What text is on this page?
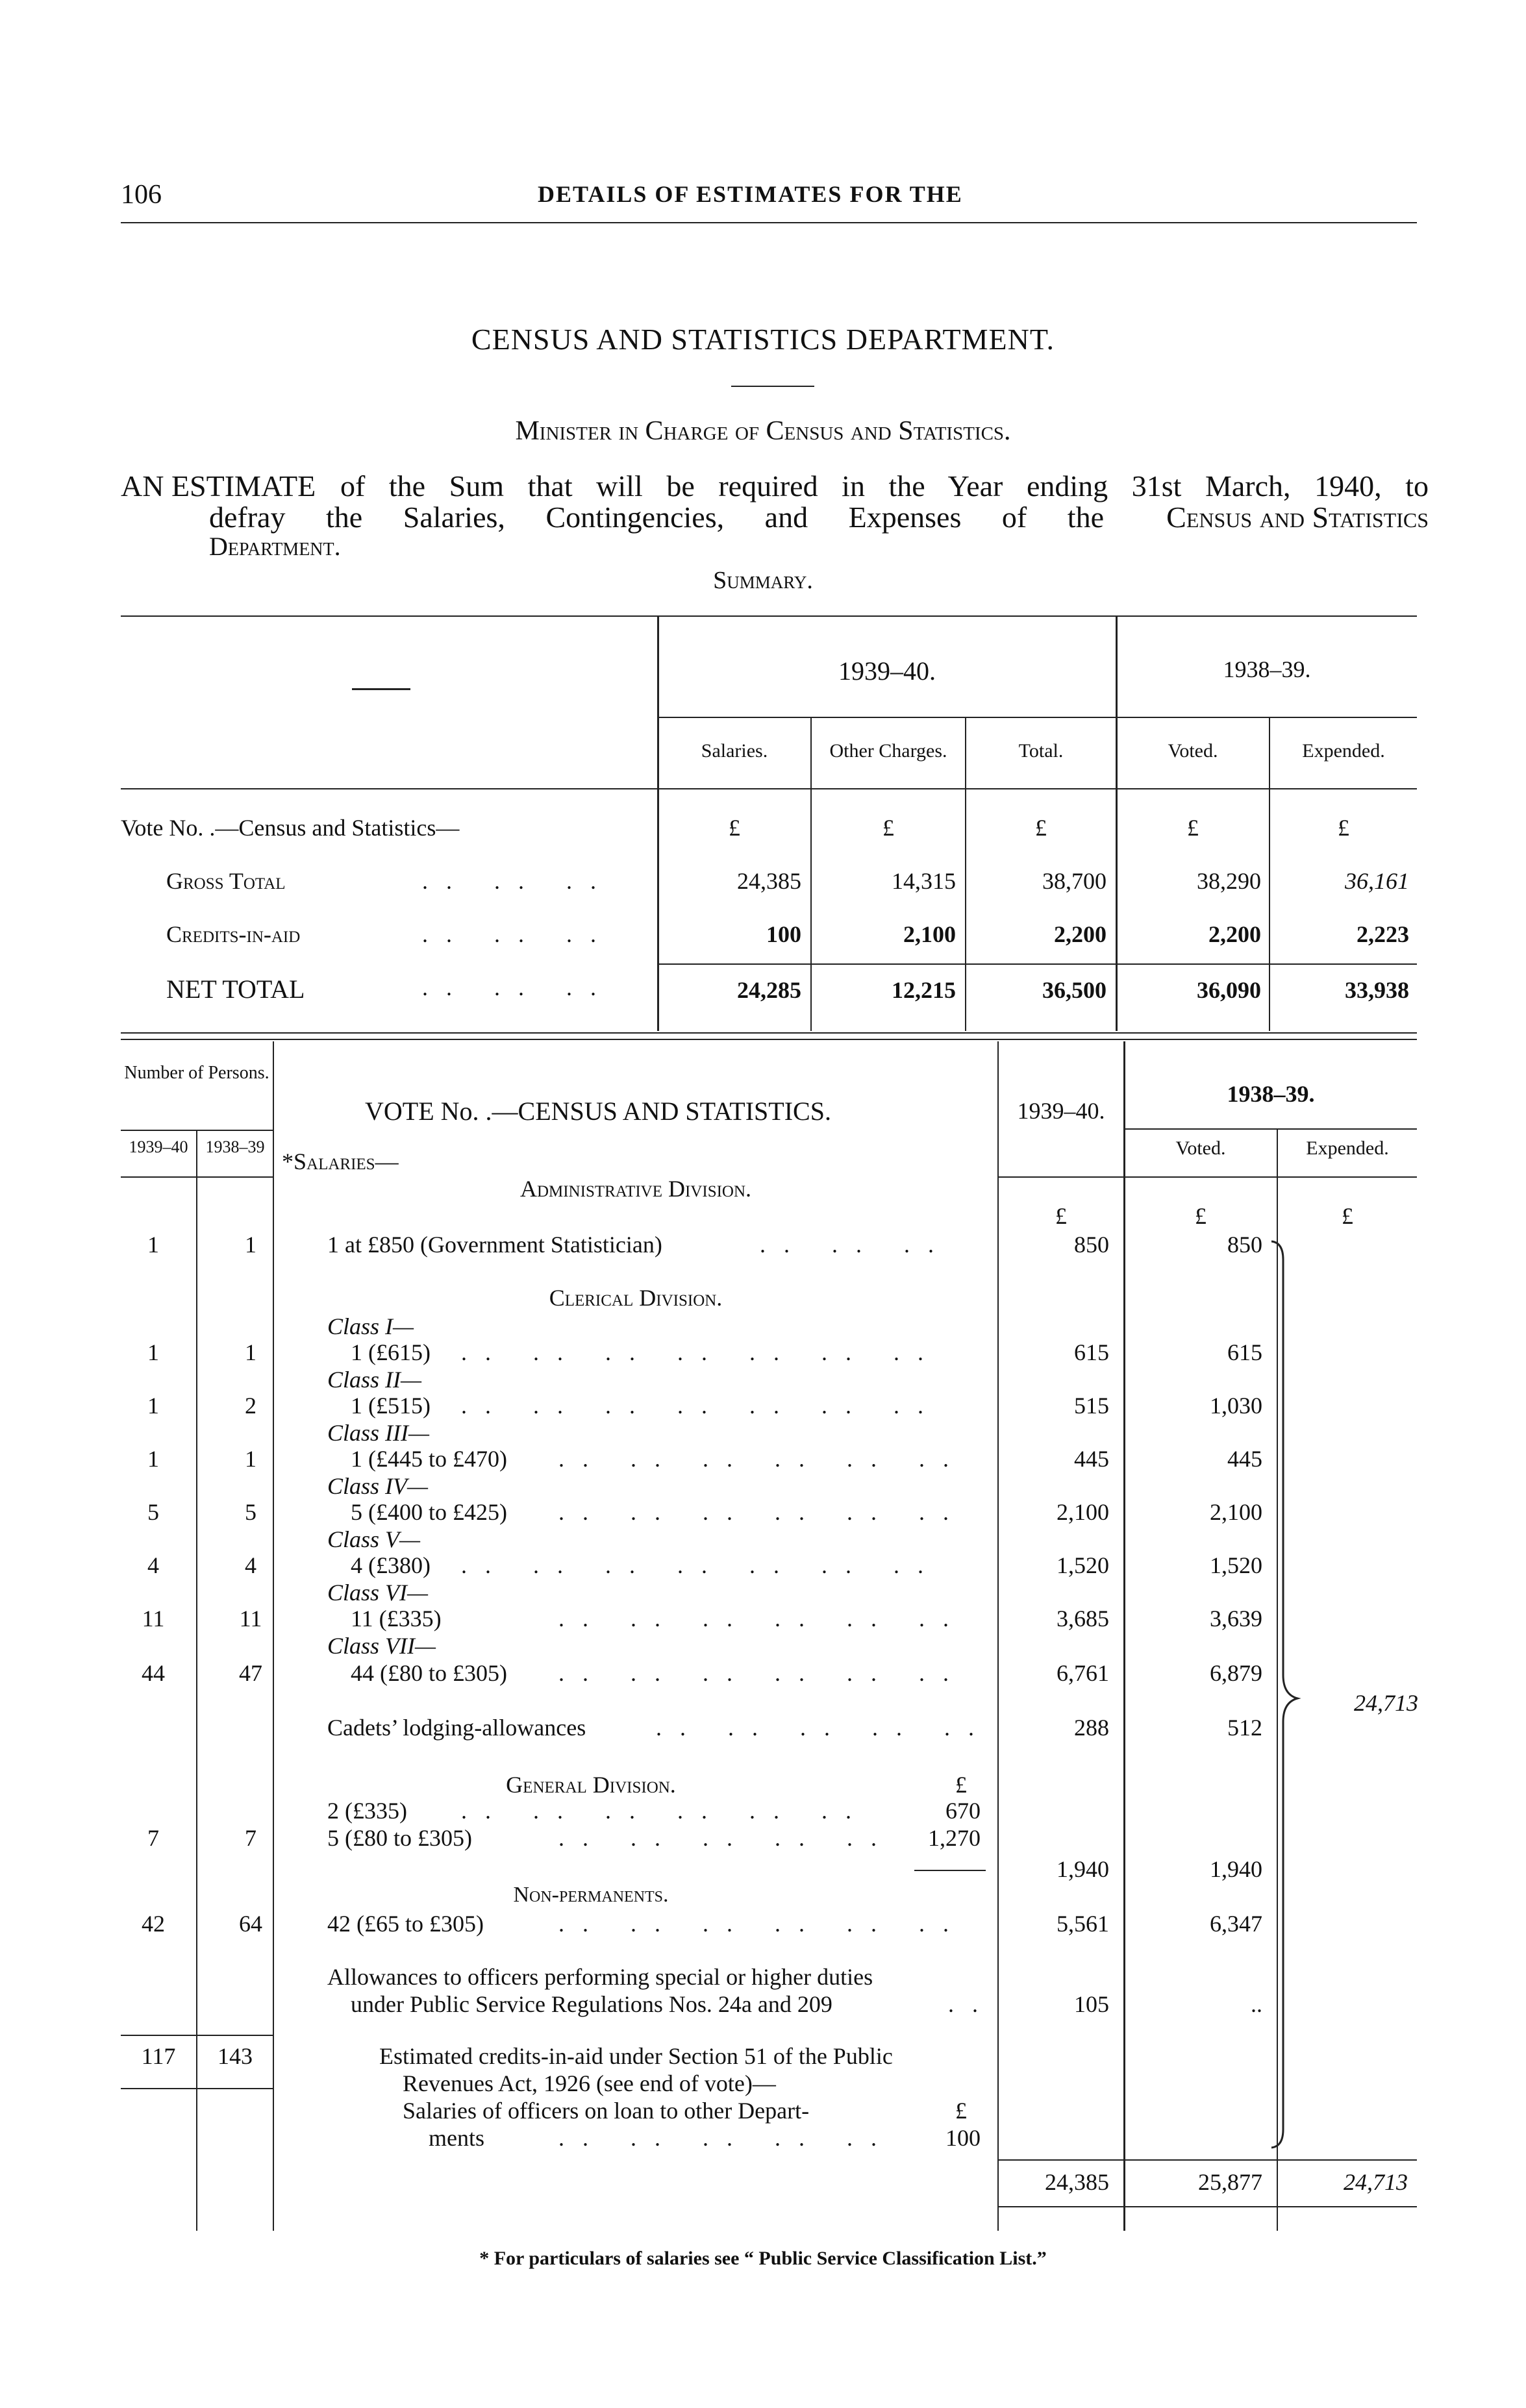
106	DETAILS OF ESTIMATES FOR THE
CENSUS AND STATISTICS DEPARTMENT.
Minister in Charge of Census and Statistics.
AN ESTIMATE of the Sum that will be required in the Year ending 31st March, 1940, to
defray the Salaries, Contingencies, and Expenses of the	Census and Statistics
Department.
Summary.
1939–40.	1938–39.
Salaries.	Other Charges.	Total.	Voted.	Expended.
Vote No. .—Census and Statistics—	£	£	£	£	£
Gross Total	.. .. ..	24,385	14,315	38,700	38,290	36,161
Credits-in-aid	.. .. ..	100	2,100	2,200	2,200	2,223
NET TOTAL	.. .. ..	24,285	12,215	36,500	36,090	33,938
Number of Persons.
1939–40	1938–39
VOTE No. .—CENSUS AND STATISTICS.	1939–40.
1938–39.
Voted.	Expended.
*Salaries—
Administrative Division.
£	£	£
1	1	1 at £850 (Government Statistician)	.. .. ..	850	850
Clerical Division.
Class I—
1	1	1 (£615) .. .. .. .. .. .. ..	615	615
Class II—
1	2	1 (£515) .. .. .. .. .. .. ..	515	1,030
Class III—
1	1	1 (£445 to £470) .. .. .. .. .. ..	445	445
Class IV—
5	5	5 (£400 to £425) .. .. .. .. .. ..	2,100	2,100
Class V—
4	4	4 (£380) .. .. .. .. .. .. ..	1,520	1,520
Class VI—
11	11	11 (£335)	.. .. .. .. .. ..	3,685	3,639
Class VII—
44	47	44 (£80 to £305) .. .. .. .. .. ..	6,761	6,879
Cadets’ lodging-allowances	.. .. .. .. ..	288	512
24,713
General Division.	£
2 (£335) .. .. .. .. .. ..	670
7	7	5 (£80 to £305)	.. .. .. .. ..	1,270
1,940	1,940
Non-permanents.
42	64	42 (£65 to £305)	.. .. .. .. .. ..	5,561	6,347
Allowances to officers performing special or higher duties
under Public Service Regulations Nos. 24a and 209	..	105	..
117	143	Estimated credits-in-aid under Section 51 of the Public
Revenues Act, 1926 (see end of vote)—
Salaries of officers on loan to other Depart-	£
ments	.. .. .. .. ..	100
24,385	25,877	24,713
* For particulars of salaries see “ Public Service Classification List.”
